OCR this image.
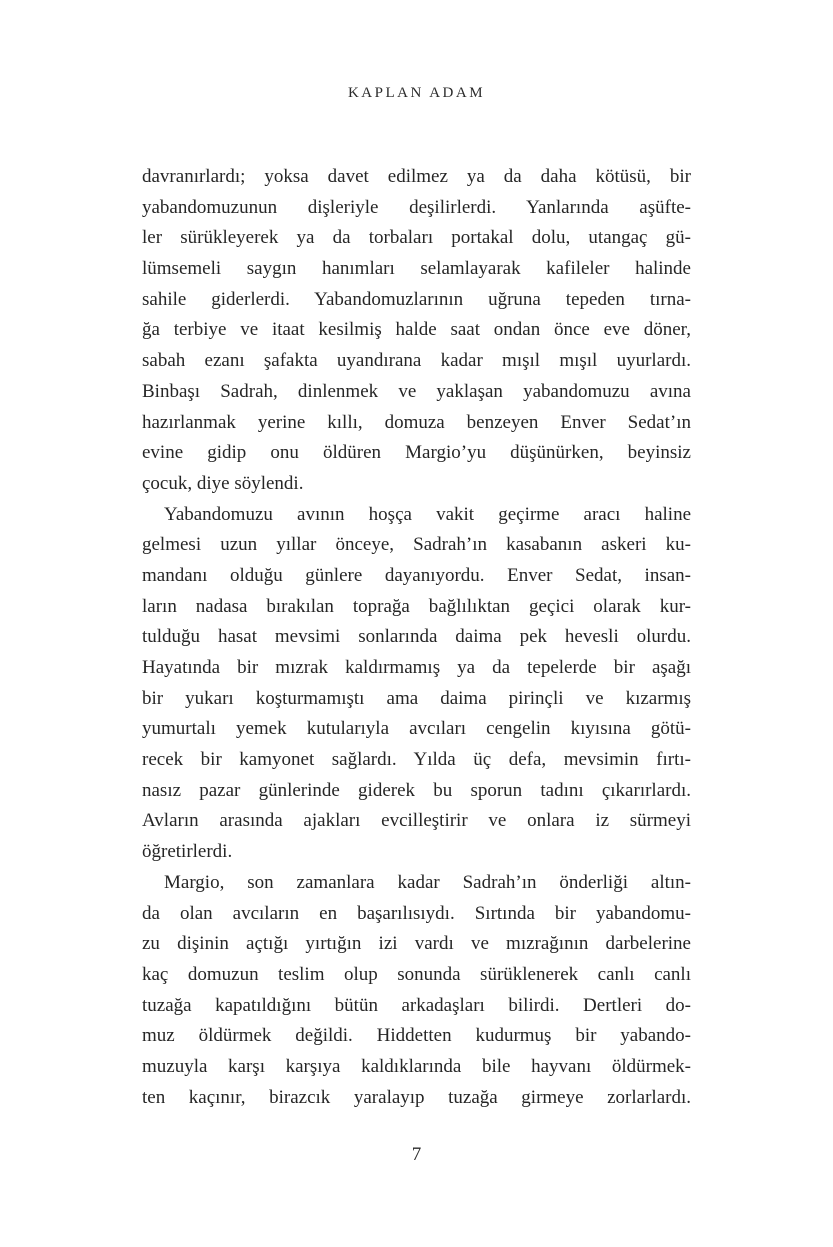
KAPLAN ADAM
davranırlardı; yoksa davet edilmez ya da daha kötüsü, bir
yabandomuzunun dişleriyle deşilirlerdi. Yanlarında aşüfte-
ler sürükleyerek ya da torbaları portakal dolu, utangaç gü-
lümsemeli saygın hanımları selamlayarak kafileler halinde
sahile giderlerdi. Yabandomuzlarının uğruna tepeden tırna-
ğa terbiye ve itaat kesilmiş halde saat ondan önce eve döner,
sabah ezanı şafakta uyandırana kadar mışıl mışıl uyurlardı.
Binbaşı Sadrah, dinlenmek ve yaklaşan yabandomuzu avına
hazırlanmak yerine kıllı, domuza benzeyen Enver Sedat’ın
evine gidip onu öldüren Margio’yu düşünürken, beyinsiz
çocuk, diye söylendi.
Yabandomuzu avının hoşça vakit geçirme aracı haline
gelmesi uzun yıllar önceye, Sadrah’ın kasabanın askeri ku-
mandanı olduğu günlere dayanıyordu. Enver Sedat, insan-
ların nadasa bırakılan toprağa bağlılıktan geçici olarak kur-
tulduğu hasat mevsimi sonlarında daima pek hevesli olurdu.
Hayatında bir mızrak kaldırmamış ya da tepelerde bir aşağı
bir yukarı koşturmamıştı ama daima pirinçli ve kızarmış
yumurtalı yemek kutularıyla avcıları cengelin kıyısına götü-
recek bir kamyonet sağlardı. Yılda üç defa, mevsimin fırtı-
nasız pazar günlerinde giderek bu sporun tadını çıkarırlardı.
Avların arasında ajakları evcilleştirir ve onlara iz sürmeyi
öğretirlerdi.
Margio, son zamanlara kadar Sadrah’ın önderliği altın-
da olan avcıların en başarılısıydı. Sırtında bir yabandomu-
zu dişinin açtığı yırtığın izi vardı ve mızrağının darbelerine
kaç domuzun teslim olup sonunda sürüklenerek canlı canlı
tuzağa kapatıldığını bütün arkadaşları bilirdi. Dertleri do-
muz öldürmek değildi. Hiddetten kudurmuş bir yabando-
muzuyla karşı karşıya kaldıklarında bile hayvanı öldürmek-
ten kaçınır, birazcık yaralayıp tuzağa girmeye zorlarlardı.
7
